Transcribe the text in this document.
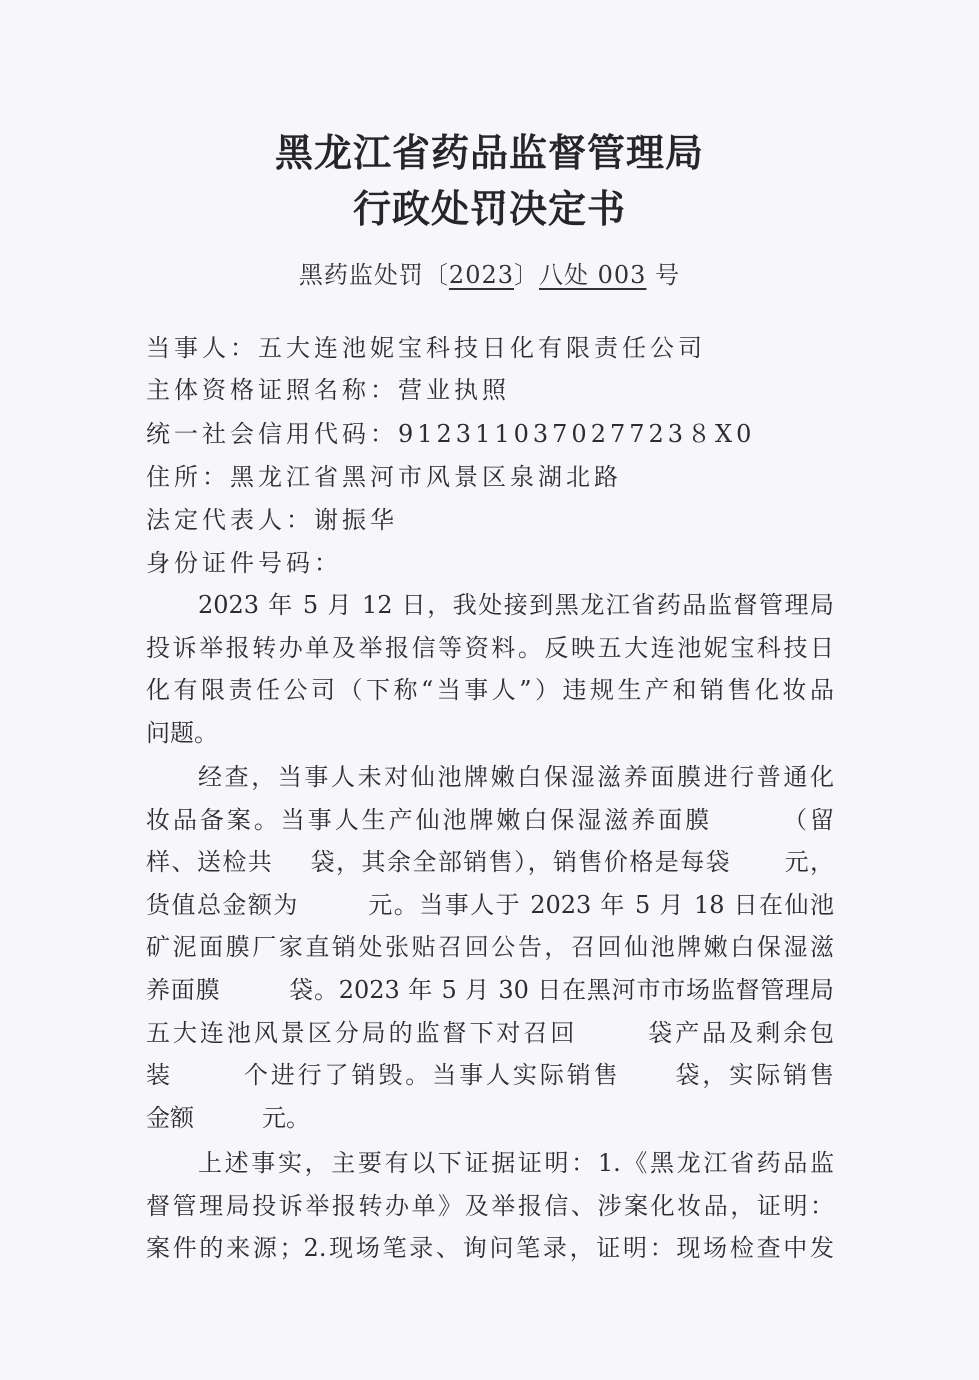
黑龙江省药品监督管理局
行政处罚决定书
黑药监处罚〔2023〕八处 003 号
当事人：五大连池妮宝科技日化有限责任公司
主体资格证照名称：营业执照
统一社会信用代码：912311037027723８X0
住所：黑龙江省黑河市风景区泉湖北路
法定代表人：谢振华
身份证件号码：
2023 年 5 月 12 日，我处接到黑龙江省药品监督管理局
投诉举报转办单及举报信等资料。反映五大连池妮宝科技日
化有限责任公司（下称“当事人”）违规生产和销售化妆品
问题。
经查，当事人未对仙池牌嫩白保湿滋养面膜进行普通化
妆品备案。当事人生产仙池牌嫩白保湿滋养面膜	（留
样、送检共 袋，其余全部销售），销售价格是每袋 元，
货值总金额为	元。当事人于 2023 年 5 月 18 日在仙池
矿泥面膜厂家直销处张贴召回公告，召回仙池牌嫩白保湿滋
养面膜	袋。2023 年 5 月 30 日在黑河市市场监督管理局
五大连池风景区分局的监督下对召回	袋产品及剩余包
装	个进行了销毁。当事人实际销售 袋，实际销售
金额	元。
上述事实，主要有以下证据证明：1.《黑龙江省药品监
督管理局投诉举报转办单》及举报信、涉案化妆品，证明：
案件的来源；2.现场笔录、询问笔录，证明：现场检查中发
